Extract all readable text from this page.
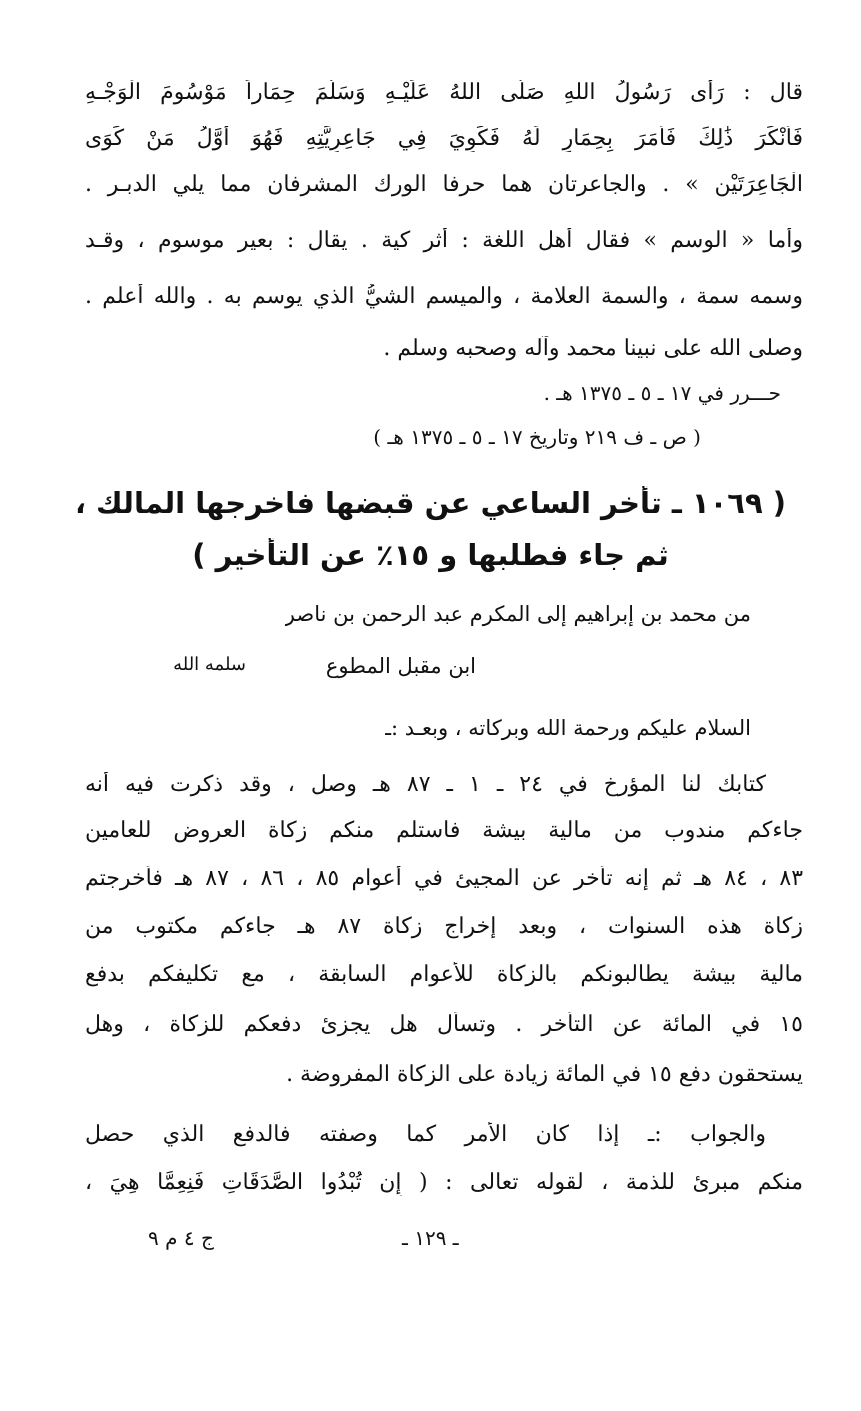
قال : رَأَى رَسُولُ اللهِ صَلَّى اللهُ عَلَيْـهِ وَسَلَّمَ حِمَاراً مَوْسُومَ الْوَجْـهِ
فَأَنْكَرَ ذَٰلِكَ فَأَمَرَ بِحِمَارٍ لَهُ فَكَوِيَ فِي جَاعِرِيَّتِهِ فَهُوَ أَوَّلُ مَنْ كَوَى
الْجَاعِرَتَيْنِ » . والجاعرتان هما حرفا الورك المشرفان مما يلي الدبـر .
وأما « الوسم » فقال أهل اللغة : أثر كية . يقال : بعير موسوم ، وقـد
وسمه سمة ، والسمة العلامة ، والميسم الشيُّ الذي يوسم به . والله أعلم .
وصلى الله على نبينا محمد وآله وصحبه وسلم .
حـــرر في ١٧ ـ ٥ ـ ١٣٧٥ هـ .
( ص ـ ف ٢١٩ وتاريخ ١٧ ـ ٥ ـ ١٣٧٥ هـ )
( ١٠٦٩ ـ تأخر الساعي عن قبضها فاخرجها المالك ،
ثم جاء فطلبها و ١٥٪ عن التأخير )
من محمد بن إبراهيم إلى المكرم عبد الرحمن بن ناصر
ابن مقبل المطوع
سلمه الله
السلام عليكم ورحمة الله وبركاته ، وبعـد :ـ
كتابك لنا المؤرخ في ٢٤ ـ ١ ـ ٨٧ هـ وصل ، وقد ذكرت فيه أنه
جاءكم مندوب من مالية بيشة فاستلم منكم زكاة العروض للعامين
٨٣ ، ٨٤ هـ ثم إنه تأخر عن المجيئ في أعوام ٨٥ ، ٨٦ ، ٨٧ هـ فأخرجتم
زكاة هذه السنوات ، وبعد إخراج زكاة ٨٧ هـ جاءكم مكتوب من
مالية بيشة يطالبونكم بالزكاة للأعوام السابقة ، مع تكليفكم بدفع
١٥ في المائة عن التأخر . وتسأل هل يجزئ دفعكم للزكاة ، وهل
يستحقون دفع ١٥ في المائة زيادة على الزكاة المفروضة .
والجواب :ـ إذا كان الأمر كما وصفته فالدفع الذي حصل
منكم مبرئ للذمة ، لقوله تعالى : ( إِن تُبْدُوا الصَّدَقَاتِ فَنِعِمَّا هِيَ ،
ـ ١٢٩ ـ
ج ٤ م ٩
